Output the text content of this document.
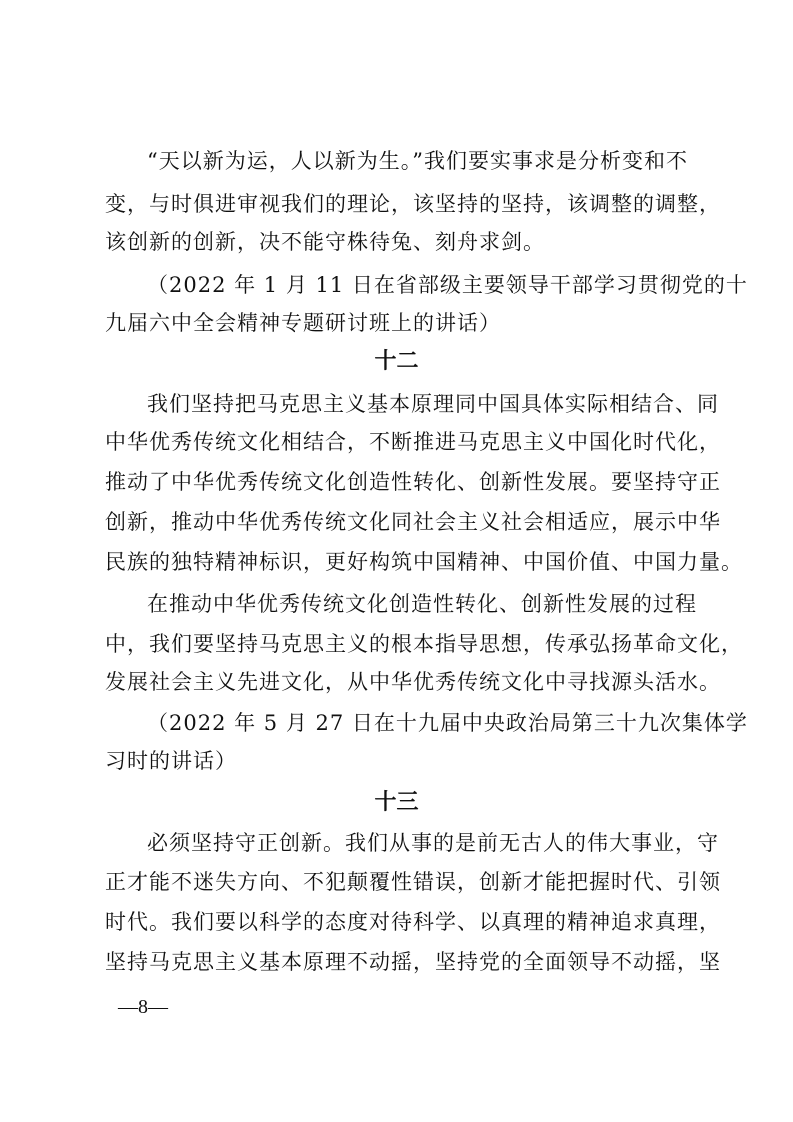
“天以新为运，人以新为生。”我们要实事求是分析变和不
变，与时俱进审视我们的理论，该坚持的坚持，该调整的调整，
该创新的创新，决不能守株待兔、刻舟求剑。
（2022 年 1 月 11 日在省部级主要领导干部学习贯彻党的十
九届六中全会精神专题研讨班上的讲话）
十二
我们坚持把马克思主义基本原理同中国具体实际相结合、同
中华优秀传统文化相结合，不断推进马克思主义中国化时代化，
推动了中华优秀传统文化创造性转化、创新性发展。要坚持守正
创新，推动中华优秀传统文化同社会主义社会相适应，展示中华
民族的独特精神标识，更好构筑中国精神、中国价值、中国力量。
在推动中华优秀传统文化创造性转化、创新性发展的过程
中，我们要坚持马克思主义的根本指导思想，传承弘扬革命文化，
发展社会主义先进文化，从中华优秀传统文化中寻找源头活水。
（2022 年 5 月 27 日在十九届中央政治局第三十九次集体学
习时的讲话）
十三
必须坚持守正创新。我们从事的是前无古人的伟大事业，守
正才能不迷失方向、不犯颠覆性错误，创新才能把握时代、引领
时代。我们要以科学的态度对待科学、以真理的精神追求真理，
坚持马克思主义基本原理不动摇，坚持党的全面领导不动摇，坚
—8—
